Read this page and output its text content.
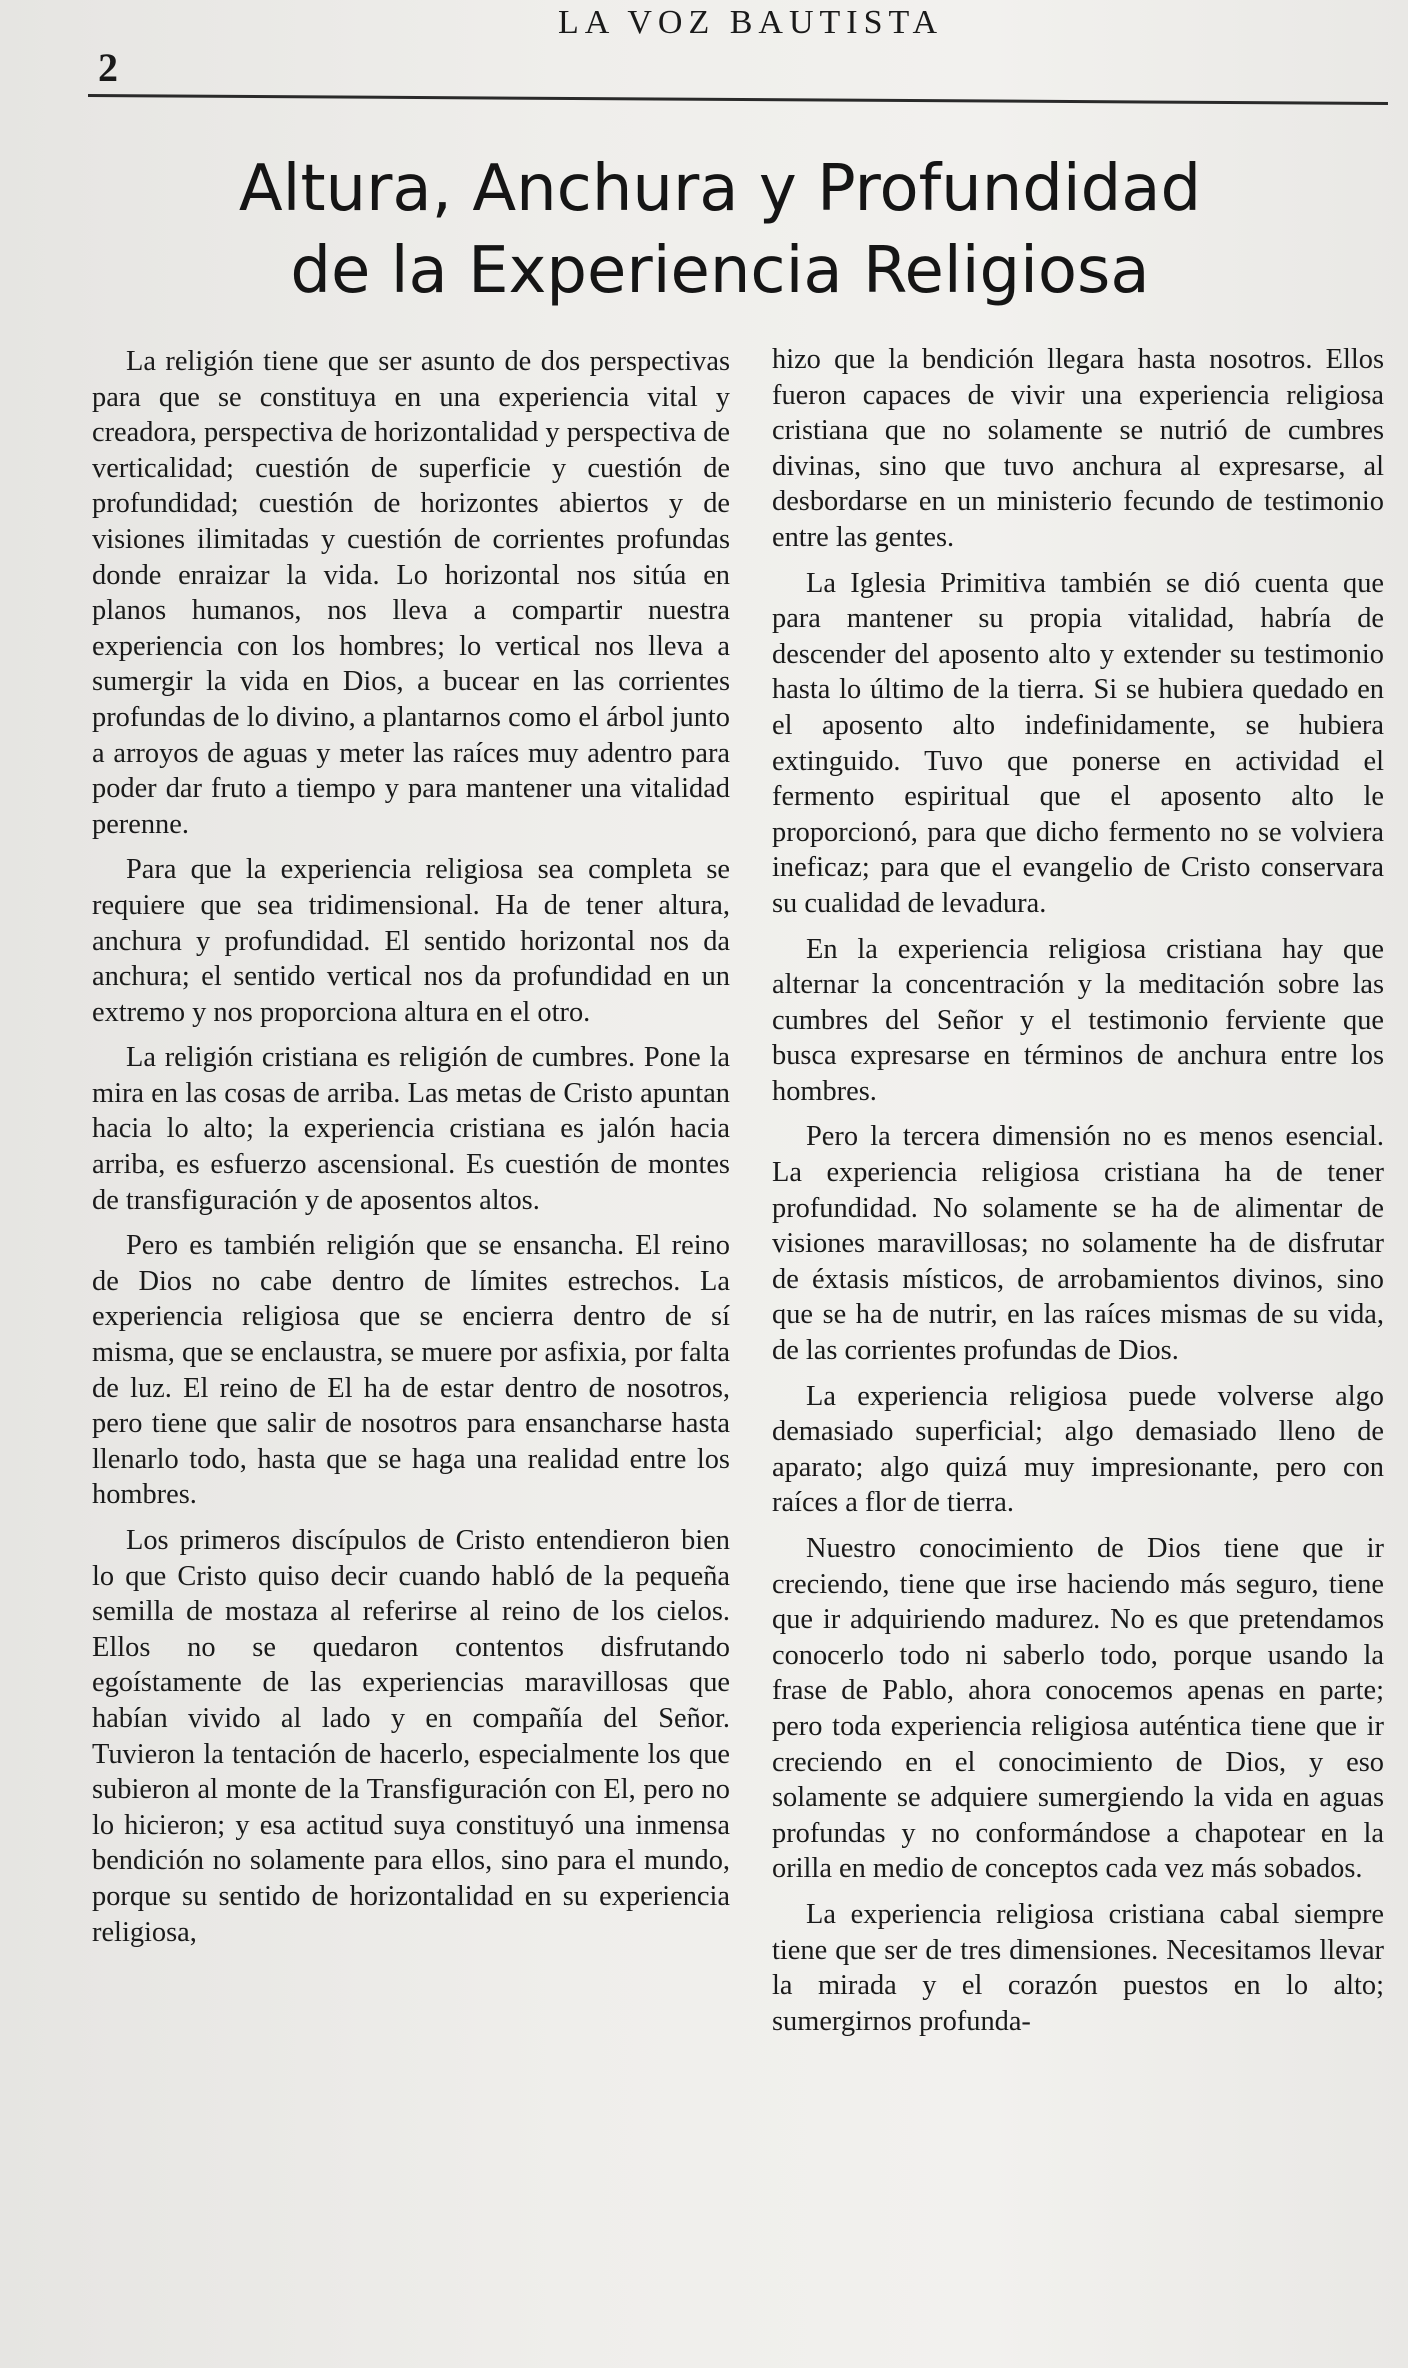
2
LA VOZ BAUTISTA
Altura, Anchura y Profundidad
de la Experiencia Religiosa

La religión tiene que ser asunto de dos perspectivas para que se constituya en una experiencia vital y creadora, perspectiva de horizontalidad y perspectiva de verticalidad; cuestión de superficie y cuestión de profundidad; cuestión de horizontes abiertos y de visiones ilimitadas y cuestión de corrientes profundas donde enraizar la vida. Lo horizontal nos sitúa en planos humanos, nos lleva a compartir nuestra experiencia con los hombres; lo vertical nos lleva a sumergir la vida en Dios, a bucear en las corrientes profundas de lo divino, a plantarnos como el árbol junto a arroyos de aguas y meter las raíces muy adentro para poder dar fruto a tiempo y para mantener una vitalidad perenne.

Para que la experiencia religiosa sea completa se requiere que sea tridimensional. Ha de tener altura, anchura y profundidad. El sentido horizontal nos da anchura; el sentido vertical nos da profundidad en un extremo y nos proporciona altura en el otro.

La religión cristiana es religión de cumbres. Pone la mira en las cosas de arriba. Las metas de Cristo apuntan hacia lo alto; la experiencia cristiana es jalón hacia arriba, es esfuerzo ascensional. Es cuestión de montes de transfiguración y de aposentos altos.

Pero es también religión que se ensancha. El reino de Dios no cabe dentro de límites estrechos. La experiencia religiosa que se encierra dentro de sí misma, que se enclaustra, se muere por asfixia, por falta de luz. El reino de El ha de estar dentro de nosotros, pero tiene que salir de nosotros para ensancharse hasta llenarlo todo, hasta que se haga una realidad entre los hombres.

Los primeros discípulos de Cristo entendieron bien lo que Cristo quiso decir cuando habló de la pequeña semilla de mostaza al referirse al reino de los cielos. Ellos no se quedaron contentos disfrutando egoístamente de las experiencias maravillosas que habían vivido al lado y en compañía del Señor. Tuvieron la tentación de hacerlo, especialmente los que subieron al monte de la Transfiguración con El, pero no lo hicieron; y esa actitud suya constituyó una inmensa bendición no solamente para ellos, sino para el mundo, porque su sentido de horizontalidad en su experiencia religiosa,

hizo que la bendición llegara hasta nosotros. Ellos fueron capaces de vivir una experiencia religiosa cristiana que no solamente se nutrió de cumbres divinas, sino que tuvo anchura al expresarse, al desbordarse en un ministerio fecundo de testimonio entre las gentes.

La Iglesia Primitiva también se dió cuenta que para mantener su propia vitalidad, habría de descender del aposento alto y extender su testimonio hasta lo último de la tierra. Si se hubiera quedado en el aposento alto indefinidamente, se hubiera extinguido. Tuvo que ponerse en actividad el fermento espiritual que el aposento alto le proporcionó, para que dicho fermento no se volviera ineficaz; para que el evangelio de Cristo conservara su cualidad de levadura.

En la experiencia religiosa cristiana hay que alternar la concentración y la meditación sobre las cumbres del Señor y el testimonio ferviente que busca expresarse en términos de anchura entre los hombres.

Pero la tercera dimensión no es menos esencial. La experiencia religiosa cristiana ha de tener profundidad. No solamente se ha de alimentar de visiones maravillosas; no solamente ha de disfrutar de éxtasis místicos, de arrobamientos divinos, sino que se ha de nutrir, en las raíces mismas de su vida, de las corrientes profundas de Dios.

La experiencia religiosa puede volverse algo demasiado superficial; algo demasiado lleno de aparato; algo quizá muy impresionante, pero con raíces a flor de tierra.

Nuestro conocimiento de Dios tiene que ir creciendo, tiene que irse haciendo más seguro, tiene que ir adquiriendo madurez. No es que pretendamos conocerlo todo ni saberlo todo, porque usando la frase de Pablo, ahora conocemos apenas en parte; pero toda experiencia religiosa auténtica tiene que ir creciendo en el conocimiento de Dios, y eso solamente se adquiere sumergiendo la vida en aguas profundas y no conformándose a chapotear en la orilla en medio de conceptos cada vez más sobados.

La experiencia religiosa cristiana cabal siempre tiene que ser de tres dimensiones. Necesitamos llevar la mirada y el corazón puestos en lo alto; sumergirnos profunda-
